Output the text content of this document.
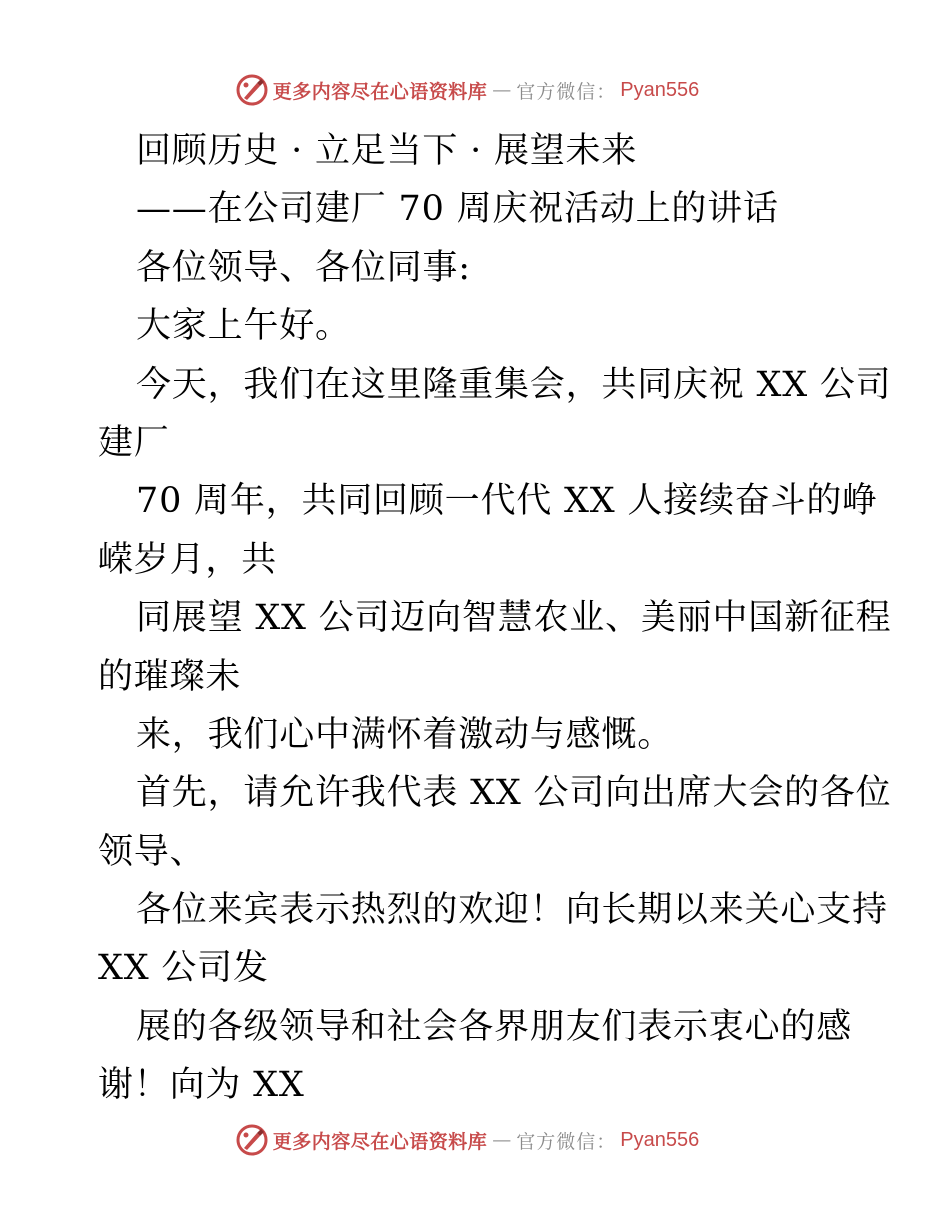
更多内容尽在心语资料库 — 官方微信： Pyan556
回顾历史 · 立足当下 · 展望未来
——在公司建厂 70 周庆祝活动上的讲话
各位领导、各位同事:
大家上午好。
今天，我们在这里隆重集会，共同庆祝 XX 公司
建厂
70 周年，共同回顾一代代 XX 人接续奋斗的峥
嵘岁月，共
同展望 XX 公司迈向智慧农业、美丽中国新征程
的璀璨未
来，我们心中满怀着激动与感慨。
首先，请允许我代表 XX 公司向出席大会的各位
领导、
各位来宾表示热烈的欢迎！向长期以来关心支持
XX 公司发
展的各级领导和社会各界朋友们表示衷心的感
谢！向为 XX
更多内容尽在心语资料库 — 官方微信： Pyan556
